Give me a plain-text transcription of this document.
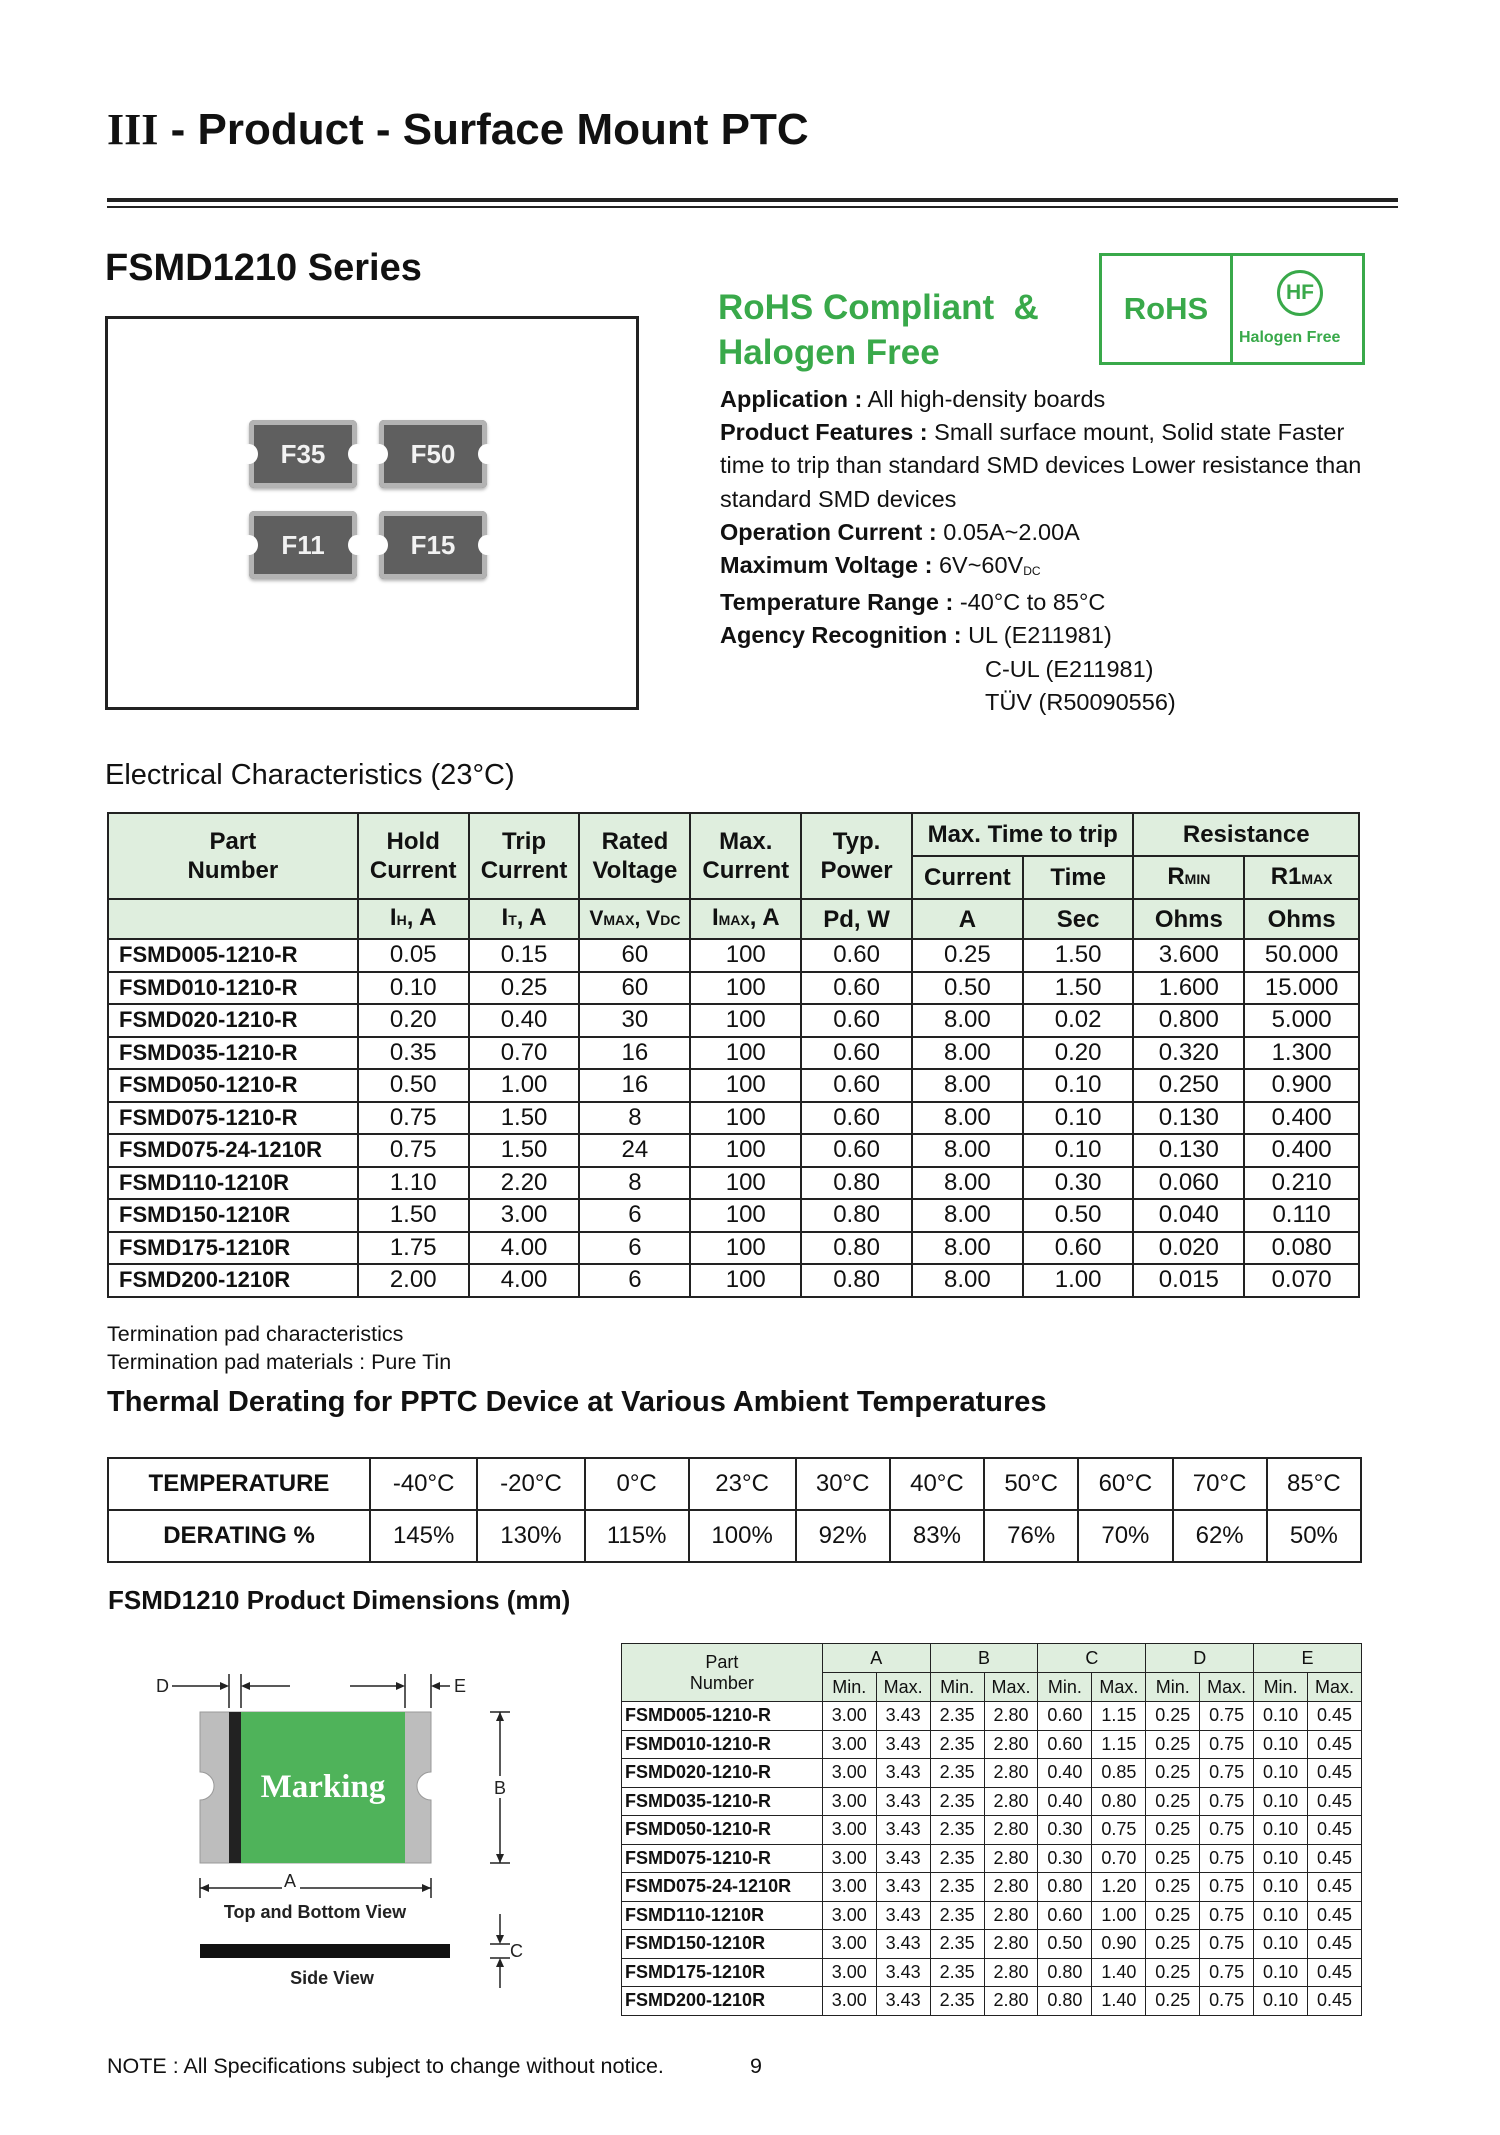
III - Product - Surface Mount PTC
FSMD1210 Series
F35	F50
F11	F15
RoHS Compliant  &
Halogen Free
RoHS	HF
Halogen Free
Application : All high-density boards
Product Features : Small surface mount, Solid state Faster time to trip than standard SMD devices Lower resistance than standard SMD devices
Operation Current : 0.05A~2.00A
Maximum Voltage : $6V\sim 60V_{DC}$
Temperature Range : -40°C to 85°C
Agency Recognition : UL (E211981)
C-UL (E211981)
TÜV (R50090556)
Electrical Characteristics (23°C)
Part Number	Hold Current	Trip Current	Rated Voltage	Max. Current	Typ. Power	Max. Time to trip		Resistance	
						Current	Time	RMIN	R1MAX
	IH, A	IT, A	VMAX, VDC	IMAX, A	Pd, W	A	Sec	Ohms	Ohms
FSMD005-1210-R	0.05	0.15	60	100	0.60	0.25	1.50	3.600	50.000
FSMD010-1210-R	0.10	0.25	60	100	0.60	0.50	1.50	1.600	15.000
FSMD020-1210-R	0.20	0.40	30	100	0.60	8.00	0.02	0.800	5.000
FSMD035-1210-R	0.35	0.70	16	100	0.60	8.00	0.20	0.320	1.300
FSMD050-1210-R	0.50	1.00	16	100	0.60	8.00	0.10	0.250	0.900
FSMD075-1210-R	0.75	1.50	8	100	0.60	8.00	0.10	0.130	0.400
FSMD075-24-1210R	0.75	1.50	24	100	0.60	8.00	0.10	0.130	0.400
FSMD110-1210R	1.10	2.20	8	100	0.80	8.00	0.30	0.060	0.210
FSMD150-1210R	1.50	3.00	6	100	0.80	8.00	0.50	0.040	0.110
FSMD175-1210R	1.75	4.00	6	100	0.80	8.00	0.60	0.020	0.080
FSMD200-1210R	2.00	4.00	6	100	0.80	8.00	1.00	0.015	0.070
Termination pad characteristics
Termination pad materials : Pure Tin
Thermal Derating for PPTC Device at Various Ambient Temperatures
TEMPERATURE	-40°C	-20°C	0°C	23°C	30°C	40°C	50°C	60°C	70°C	85°C
DERATING %	145%	130%	115%	100%	92%	83%	76%	70%	62%	50%
FSMD1210 Product Dimensions (mm)
Marking
D	E
B
A
Top and Bottom View
C
Side View
Part Number	A		B		C		D		E	
	Min.	Max.	Min.	Max.	Min.	Max.	Min.	Max.	Min.	Max.
FSMD005-1210-R	3.00	3.43	2.35	2.80	0.60	1.15	0.25	0.75	0.10	0.45
FSMD010-1210-R	3.00	3.43	2.35	2.80	0.60	1.15	0.25	0.75	0.10	0.45
FSMD020-1210-R	3.00	3.43	2.35	2.80	0.40	0.85	0.25	0.75	0.10	0.45
FSMD035-1210-R	3.00	3.43	2.35	2.80	0.40	0.80	0.25	0.75	0.10	0.45
FSMD050-1210-R	3.00	3.43	2.35	2.80	0.30	0.75	0.25	0.75	0.10	0.45
FSMD075-1210-R	3.00	3.43	2.35	2.80	0.30	0.70	0.25	0.75	0.10	0.45
FSMD075-24-1210R	3.00	3.43	2.35	2.80	0.80	1.20	0.25	0.75	0.10	0.45
FSMD110-1210R	3.00	3.43	2.35	2.80	0.60	1.00	0.25	0.75	0.10	0.45
FSMD150-1210R	3.00	3.43	2.35	2.80	0.50	0.90	0.25	0.75	0.10	0.45
FSMD175-1210R	3.00	3.43	2.35	2.80	0.80	1.40	0.25	0.75	0.10	0.45
FSMD200-1210R	3.00	3.43	2.35	2.80	0.80	1.40	0.25	0.75	0.10	0.45
NOTE : All Specifications subject to change without notice.	9
